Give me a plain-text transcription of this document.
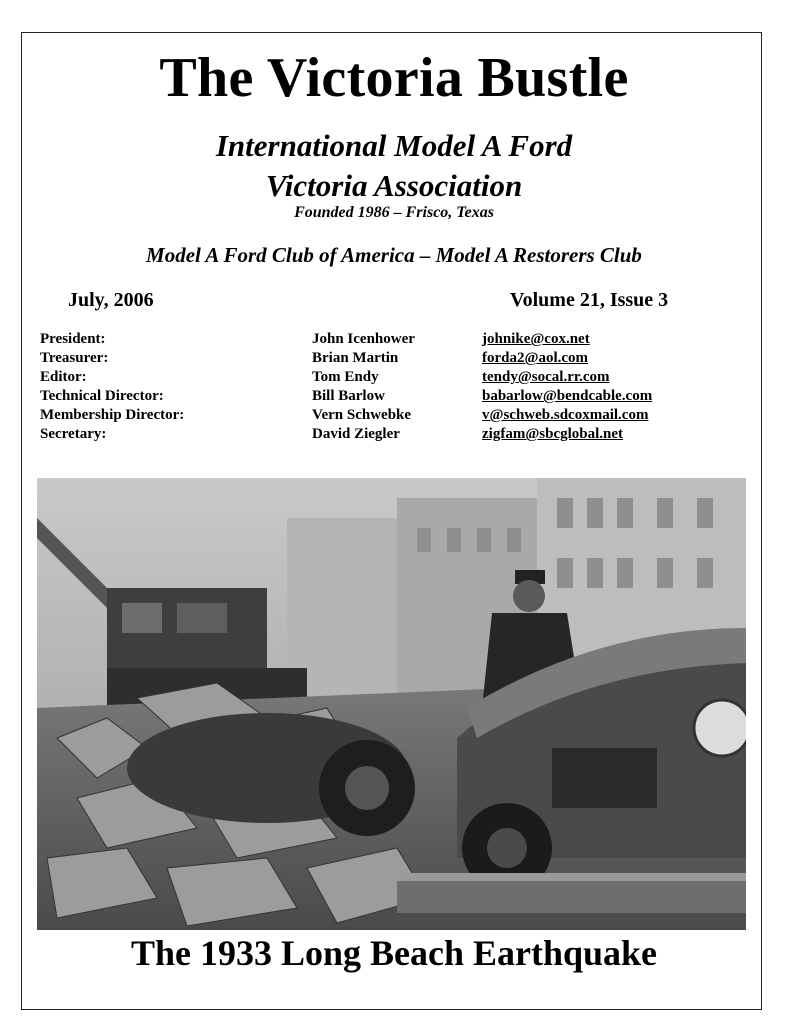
The Victoria Bustle
International Model A Ford
Victoria Association
Founded 1986 – Frisco, Texas
Model A Ford Club of America – Model A Restorers Club
July, 2006	Volume 21, Issue 3
President:	John Icenhower	johnike@cox.net
Treasurer:	Brian Martin	forda2@aol.com
Editor:	Tom Endy	tendy@socal.rr.com
Technical Director:	Bill Barlow	babarlow@bendcable.com
Membership Director:	Vern Schwebke	v@schweb.sdcoxmail.com
Secretary:	David Ziegler	zigfam@sbcglobal.net
The 1933 Long Beach Earthquake
